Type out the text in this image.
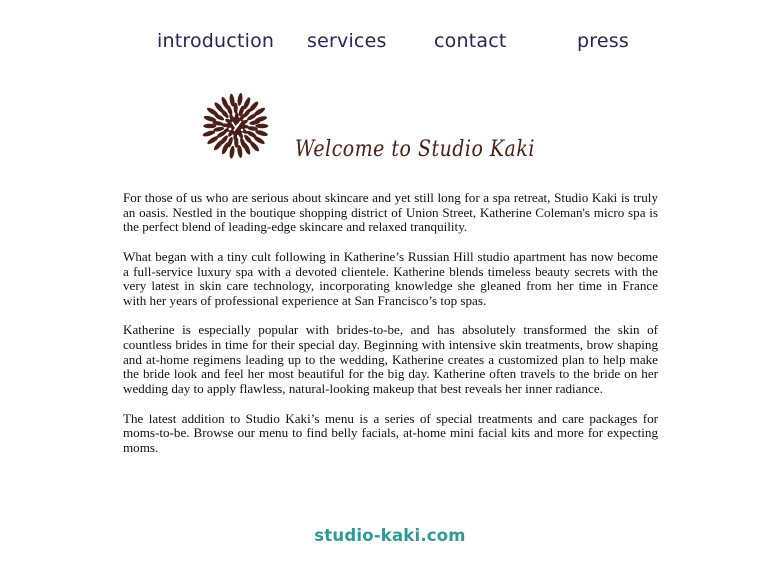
introduction services contact	press
Welcome to Studio Kaki

For those of us who are serious about skincare and yet still long for a spa retreat, Studio Kaki is truly an oasis. Nestled in the boutique shopping district of Union Street, Katherine Coleman's micro spa is the perfect blend of leading-edge skincare and relaxed tranquility.

What began with a tiny cult following in Katherine’s Russian Hill studio apartment has now become a full-service luxury spa with a devoted clientele. Katherine blends timeless beauty secrets with the very latest in skin care technology, incorporating knowledge she gleaned from her time in France with her years of professional experience at San Francisco’s top spas.

Katherine is especially popular with brides-to-be, and has absolutely transformed the skin of countless brides in time for their special day. Beginning with intensive skin treatments, brow shaping and at-home regimens leading up to the wedding, Katherine creates a customized plan to help make the bride look and feel her most beautiful for the big day. Katherine often travels to the bride on her wedding day to apply flawless, natural-looking makeup that best reveals her inner radiance.

The latest addition to Studio Kaki’s menu is a series of special treatments and care packages for moms-to-be. Browse our menu to find belly facials, at-home mini facial kits and more for expecting moms.

studio-kaki.com
